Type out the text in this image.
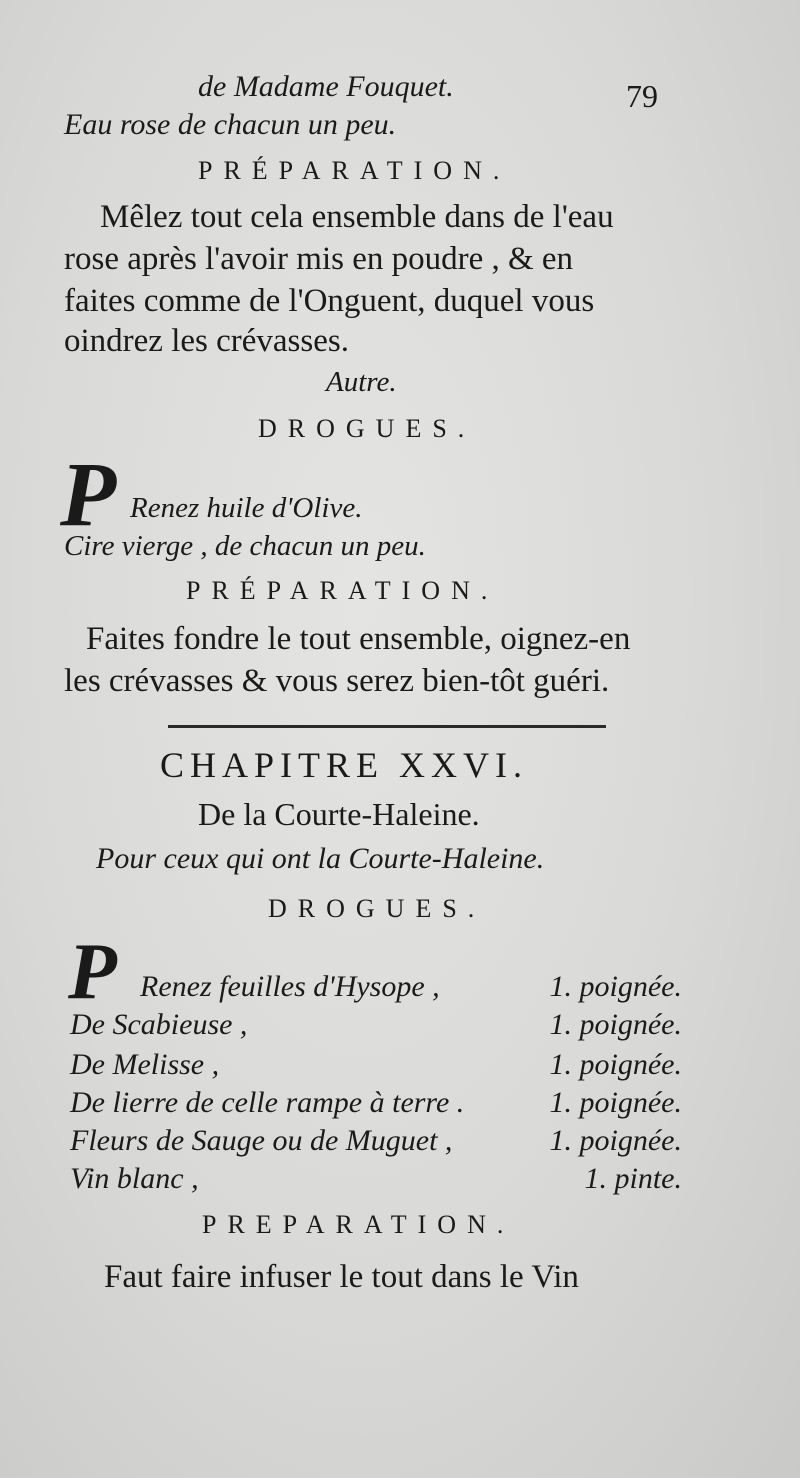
de Madame Fouquet.	79
Eau rose de chacun un peu.
PRÉPARATION.
Mêlez tout cela ensemble dans de l'eau
rose après l'avoir mis en poudre , & en
faites comme de l'Onguent, duquel vous
oindrez les crévasses.
Autre.
DROGUES.
P Renez huile d'Olive.
Cire vierge , de chacun un peu.
PRÉPARATION.
Faites fondre le tout ensemble, oignez-en
les crévasses & vous serez bien-tôt guéri.
CHAPITRE XXVI.
De la Courte-Haleine.
Pour ceux qui ont la Courte-Haleine.
DROGUES.
P Renez feuilles d'Hysope ,	1. poignée.
De Scabieuse ,	1. poignée.
De Melisse ,	1. poignée.
De lierre de celle rampe à terre .	1. poignée.
Fleurs de Sauge ou de Muguet ,	1. poignée.
Vin blanc ,	1. pinte.
PREPARATION.
Faut faire infuser le tout dans le Vin
